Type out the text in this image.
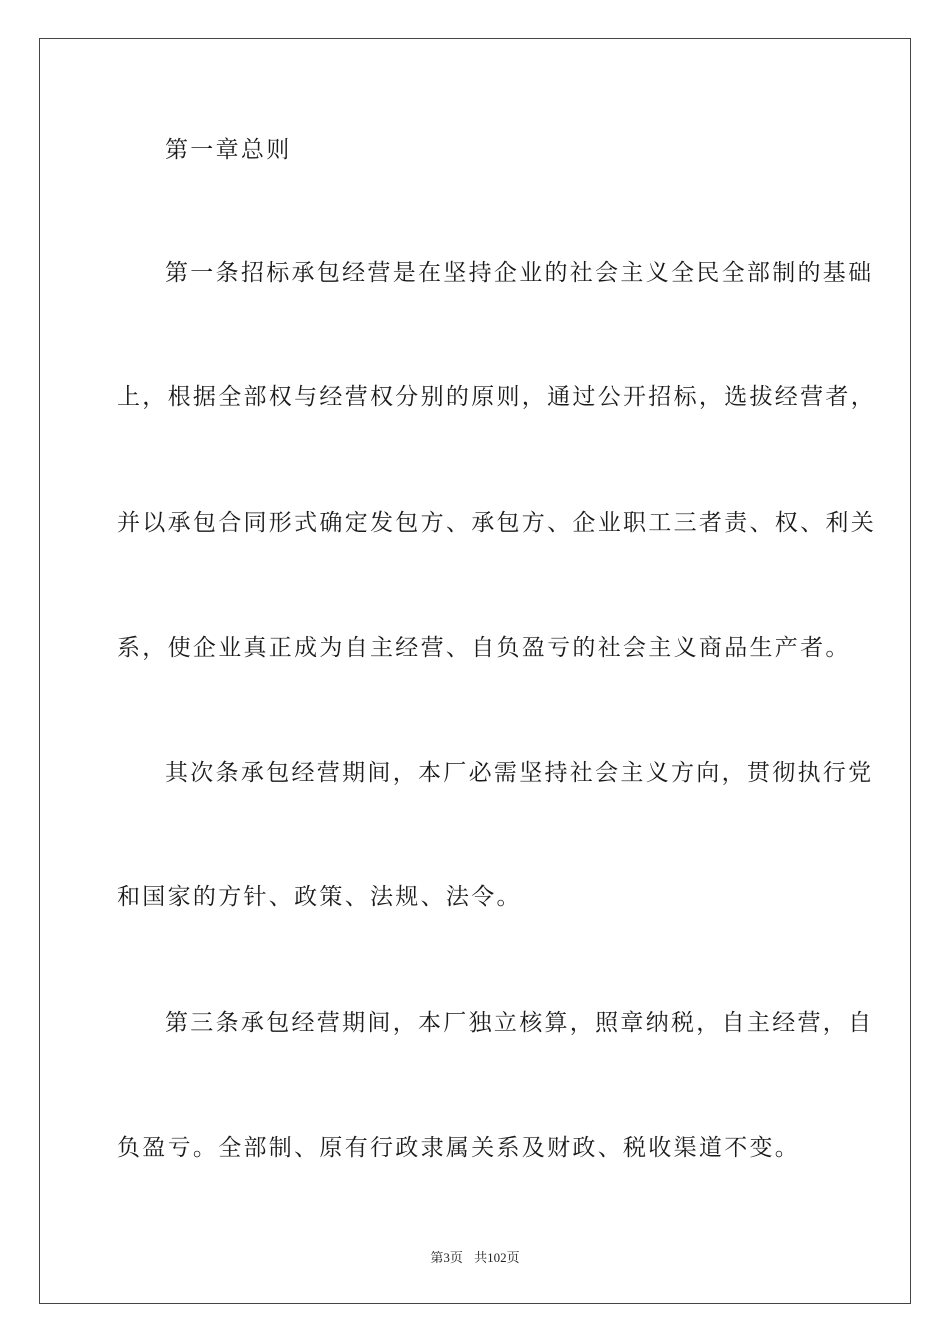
第一章总则
第一条招标承包经营是在坚持企业的社会主义全民全部制的基础
上，根据全部权与经营权分别的原则，通过公开招标，选拔经营者，
并以承包合同形式确定发包方、承包方、企业职工三者责、权、利关
系，使企业真正成为自主经营、自负盈亏的社会主义商品生产者。
其次条承包经营期间，本厂必需坚持社会主义方向，贯彻执行党
和国家的方针、政策、法规、法令。
第三条承包经营期间，本厂独立核算，照章纳税，自主经营，自
负盈亏。全部制、原有行政隶属关系及财政、税收渠道不变。
第3页 共102页
